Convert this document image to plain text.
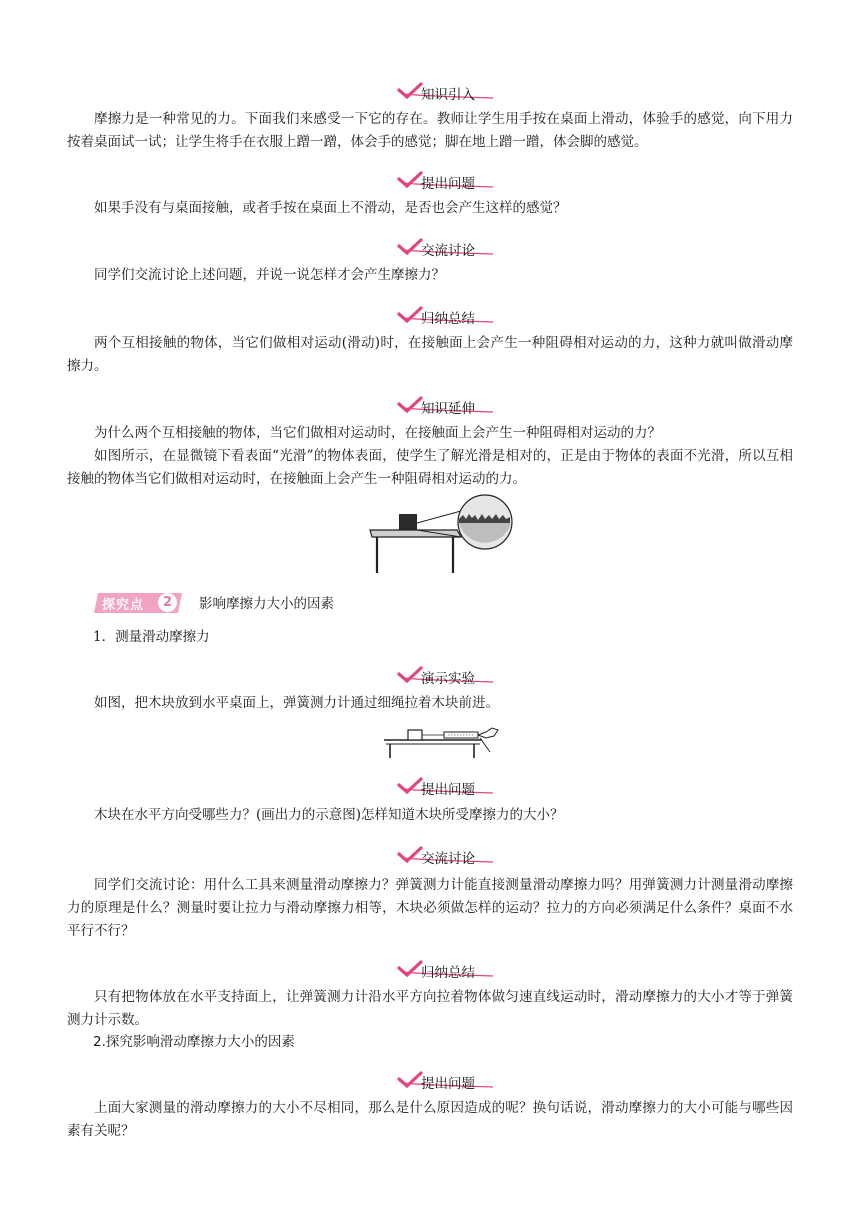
知识引入
摩擦力是一种常见的力。下面我们来感受一下它的存在。教师让学生用手按在桌面上滑动，体验手的感觉，向下用力按着桌面试一试；让学生将手在衣服上蹭一蹭，体会手的感觉；脚在地上蹭一蹭，体会脚的感觉。
提出问题
如果手没有与桌面接触，或者手按在桌面上不滑动，是否也会产生这样的感觉？
交流讨论
同学们交流讨论上述问题，并说一说怎样才会产生摩擦力？
归纳总结
两个互相接触的物体，当它们做相对运动(滑动)时，在接触面上会产生一种阻碍相对运动的力，这种力就叫做滑动摩擦力。
知识延伸
为什么两个互相接触的物体，当它们做相对运动时，在接触面上会产生一种阻碍相对运动的力？
如图所示，在显微镜下看表面“光滑”的物体表面，使学生了解光滑是相对的，正是由于物体的表面不光滑，所以互相接触的物体当它们做相对运动时，在接触面上会产生一种阻碍相对运动的力。
探究点	2	影响摩擦力大小的因素
1．测量滑动摩擦力
演示实验
如图，把木块放到水平桌面上，弹簧测力计通过细绳拉着木块前进。
提出问题
木块在水平方向受哪些力？(画出力的示意图)怎样知道木块所受摩擦力的大小？
交流讨论
同学们交流讨论：用什么工具来测量滑动摩擦力？弹簧测力计能直接测量滑动摩擦力吗？用弹簧测力计测量滑动摩擦力的原理是什么？测量时要让拉力与滑动摩擦力相等，木块必须做怎样的运动？拉力的方向必须满足什么条件？桌面不水平行不行？
归纳总结
只有把物体放在水平支持面上，让弹簧测力计沿水平方向拉着物体做匀速直线运动时，滑动摩擦力的大小才等于弹簧测力计示数。
2.探究影响滑动摩擦力大小的因素
提出问题
上面大家测量的滑动摩擦力的大小不尽相同，那么是什么原因造成的呢？换句话说，滑动摩擦力的大小可能与哪些因素有关呢？
